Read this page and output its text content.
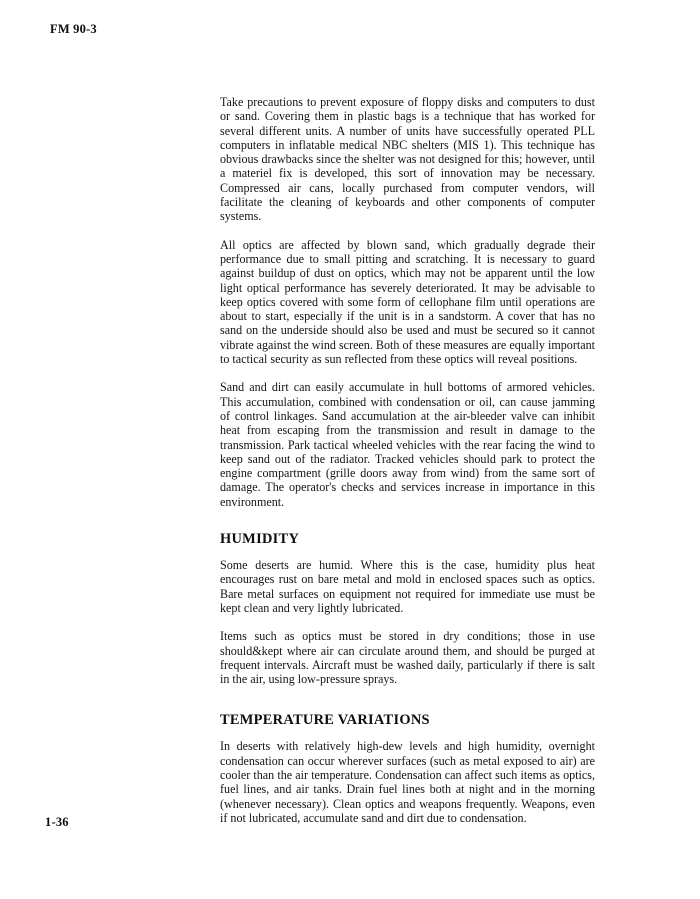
FM 90-3

Take precautions to prevent exposure of floppy disks and computers to dust or sand. Covering them in plastic bags is a technique that has worked for several different units. A number of units have successfully operated PLL computers in inflatable medical NBC shelters (MIS 1). This technique has obvious drawbacks since the shelter was not designed for this; however, until a materiel fix is developed, this sort of innovation may be necessary. Compressed air cans, locally purchased from computer vendors, will facilitate the cleaning of keyboards and other components of computer systems.

All optics are affected by blown sand, which gradually degrade their performance due to small pitting and scratching. It is necessary to guard against buildup of dust on optics, which may not be apparent until the low light optical performance has severely deteriorated. It may be advisable to keep optics covered with some form of cellophane film until operations are about to start, especially if the unit is in a sandstorm. A cover that has no sand on the underside should also be used and must be secured so it cannot vibrate against the wind screen. Both of these measures are equally important to tactical security as sun reflected from these optics will reveal positions.

Sand and dirt can easily accumulate in hull bottoms of armored vehicles. This accumulation, combined with condensation or oil, can cause jamming of control linkages. Sand accumulation at the air-bleeder valve can inhibit heat from escaping from the transmission and result in damage to the transmission. Park tactical wheeled vehicles with the rear facing the wind to keep sand out of the radiator. Tracked vehicles should park to protect the engine compartment (grille doors away from wind) from the same sort of damage. The operator's checks and services increase in importance in this environment.

HUMIDITY

Some deserts are humid. Where this is the case, humidity plus heat encourages rust on bare metal and mold in enclosed spaces such as optics. Bare metal surfaces on equipment not required for immediate use must be kept clean and very lightly lubricated.

Items such as optics must be stored in dry conditions; those in use should&kept where air can circulate around them, and should be purged at frequent intervals. Aircraft must be washed daily, particularly if there is salt in the air, using low-pressure sprays.

TEMPERATURE VARIATIONS

In deserts with relatively high-dew levels and high humidity, overnight condensation can occur wherever surfaces (such as metal exposed to air) are cooler than the air temperature. Condensation can affect such items as optics, fuel lines, and air tanks. Drain fuel lines both at night and in the morning (whenever necessary). Clean optics and weapons frequently. Weapons, even if not lubricated, accumulate sand and dirt due to condensation.

1-36
